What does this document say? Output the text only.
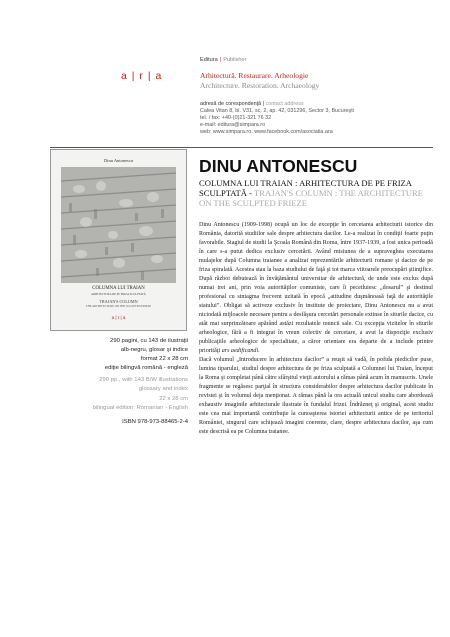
Editura | Publisher
a | r | a	Arhitectură. Restaurare. Arheologie
Architecture. Restoration. Archaeology
adresă de corespondenţă | contact address
Calea Vitan 8, bl. V31, sc. 2, ap. 42, 031296, Sector 3, Bucureşti
tel. / fax: +40-(0)21-321 76 32
e-mail: editura@simpara.ro
web: www.simpara.ro, www.facebook.com/asociatia.ara
Dinu Antonescu
COLUMNA LUI TRAIAN
ARHITECTURA DE PE FRIZA SCULPTATĂ
TRAJAN'S COLUMN
THE ARCHITECTURE ON THE SCULPTED FRIEZE
a | r | a
290 pagini, cu 143 de ilustraţii
alb-negru, glosar şi indice
format 22 x 28 cm
ediţie bilingvă română - engleză
290 pp., with 143 B/W illustrations
glossary and index
22 x 28 cm
bilingual edition: Romanian - English
ISBN 978-973-88465-2-4
DINU ANTONESCU
COLUMNA LUI TRAIAN : ARHITECTURA DE PE FRIZA SCULPTATĂ - TRAJAN'S COLUMN : THE ARCHITECTURE ON THE SCULPTED FRIEZE

Dinu Antonescu (1909-1998) ocupă un loc de excepţie în cercetarea arhitecturii istorice din România, datorită studiilor sale despre arhitectura dacilor. Le-a realizat în condiţii foarte puţin favorabile. Stagiul de studii la Şcoala Română din Roma, între 1937-1939, a fost unica perioadă în care s-a putut dedica exclusiv cercetării. Având misiunea de a supraveghea executarea mulajelor după Columna traianee a analizat reprezentările arhitecturii romane şi dacice de pe friza spiralată. Acestea stau la baza studiului de faţă şi tot marca viitoarele preocupări ştiinţifice. După război debutează în învăţământul universitar de arhitectură, de unde este exclus după numai trei ani, prin voia autorităţilor comuniste, care îi pecetluiesc „dosarul” şi destinul profesional cu sintagma frecvent uzitată în epocă „atitudine duşmănoasă faţă de autorităţile statului”. Obligat să activeze exclusiv în institute de proiectare, Dinu Antonescu nu a avut niciodată mijloacele necesare pentru a desfăşura cercetări personale extinse în siturile dacice, cu atât mai surprinzătoare apărând astăzi rezultatele muncii sale. Cu excepţia vizitelor în siturile arheologice, fără a fi integrat în vreun colectiv de cercetare, a avut la dispoziţie exclusiv publicaţiile arheologice de specialitate, a căror orientare era departe de a include printre priorităţi ars aedificandi.

Dacă volumul „Introducere în arhitectura dacilor” a reuşit să vadă, în pofida piedicilor puse, lumina tiparului, studiul despre arhitectura de pe friza sculptată a Columnei lui Traian, început la Roma şi completat până către sfârşitul vieţii autorului a rămas până acum în manuscris. Unele fragmente se regăsesc parţial în structura considerabilor despre arhitectura dacilor publicate în revistei şi în volumul deja menţionat. A rămas până la ora actuală unicul studiu care abordează exhaustiv imaginile arhitecturale ilustrate în fundalul frizei. Îndrăzneţ şi original, acest studiu este cea mai importantă contribuţie la cunoaşterea istoriei arhitecturii antice de pe teritoriul României, singurul care schiţează imagini coerente, clare, despre arhitectura dacilor, aşa cum este descrisă ea pe Columna traianee.
